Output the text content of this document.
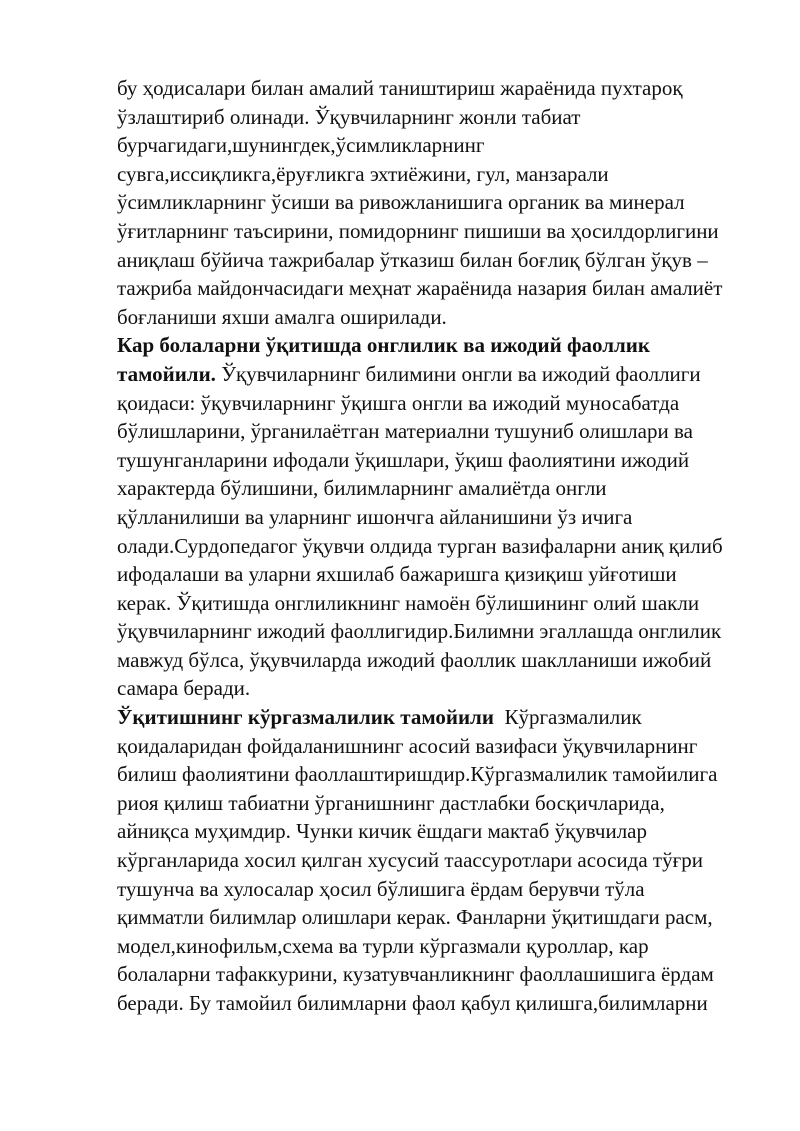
бу ҳодисалари билан амалий таништириш жараёнида пухтароқ
ўзлаштириб олинади. Ўқувчиларнинг жонли табиат
бурчагидаги,шунингдек,ўсимликларнинг
сувга,иссиқликга,ёруғликга эхтиёжини, гул, манзарали
ўсимликларнинг ўсиши ва ривожланишига органик ва минерал
ўғитларнинг таъсирини, помидорнинг пишиши ва ҳосилдорлигини
аниқлаш бўйича тажрибалар ўтказиш билан боғлиқ бўлган ўқув –
тажриба майдончасидаги меҳнат жараёнида назария билан амалиёт
боғланиши яхши амалга оширилади.
Кар болаларни ўқитишда онглилик ва ижодий фаоллик
тамойили. Ўқувчиларнинг билимини онгли ва ижодий фаоллиги
қоидаси: ўқувчиларнинг ўқишга онгли ва ижодий муносабатда
бўлишларини, ўрганилаётган материални тушуниб олишлари ва
тушунганларини ифодали ўқишлари, ўқиш фаолиятини ижодий
характерда бўлишини, билимларнинг амалиётда онгли
қўлланилиши ва уларнинг ишончга айланишини ўз ичига
олади.Сурдопедагог ўқувчи олдида турган вазифаларни аниқ қилиб
ифодалаши ва уларни яхшилаб бажаришга қизиқиш уйғотиши
керак. Ўқитишда онглиликнинг намоён бўлишининг олий шакли
ўқувчиларнинг ижодий фаоллигидир.Билимни эгаллашда онглилик
мавжуд бўлса, ўқувчиларда ижодий фаоллик шаклланиши ижобий
самара беради.
Ўқитишнинг кўргазмалилик тамойили  Кўргазмалилик
қоидаларидан фойдаланишнинг асосий вазифаси ўқувчиларнинг
билиш фаолиятини фаоллаштиришдир.Кўргазмалилик тамойилига
риоя қилиш табиатни ўрганишнинг дастлабки босқичларида,
айниқса муҳимдир. Чунки кичик ёшдаги мактаб ўқувчилар
кўрганларида хосил қилган хусусий таассуротлари асосида тўғри
тушунча ва хулосалар ҳосил бўлишига ёрдам берувчи тўла
қимматли билимлар олишлари керак. Фанларни ўқитишдаги расм,
модел,кинофильм,схема ва турли кўргазмали қуроллар, кар
болаларни тафаккурини, кузатувчанликнинг фаоллашишига ёрдам
беради. Бу тамойил билимларни фаол қабул қилишга,билимларни
